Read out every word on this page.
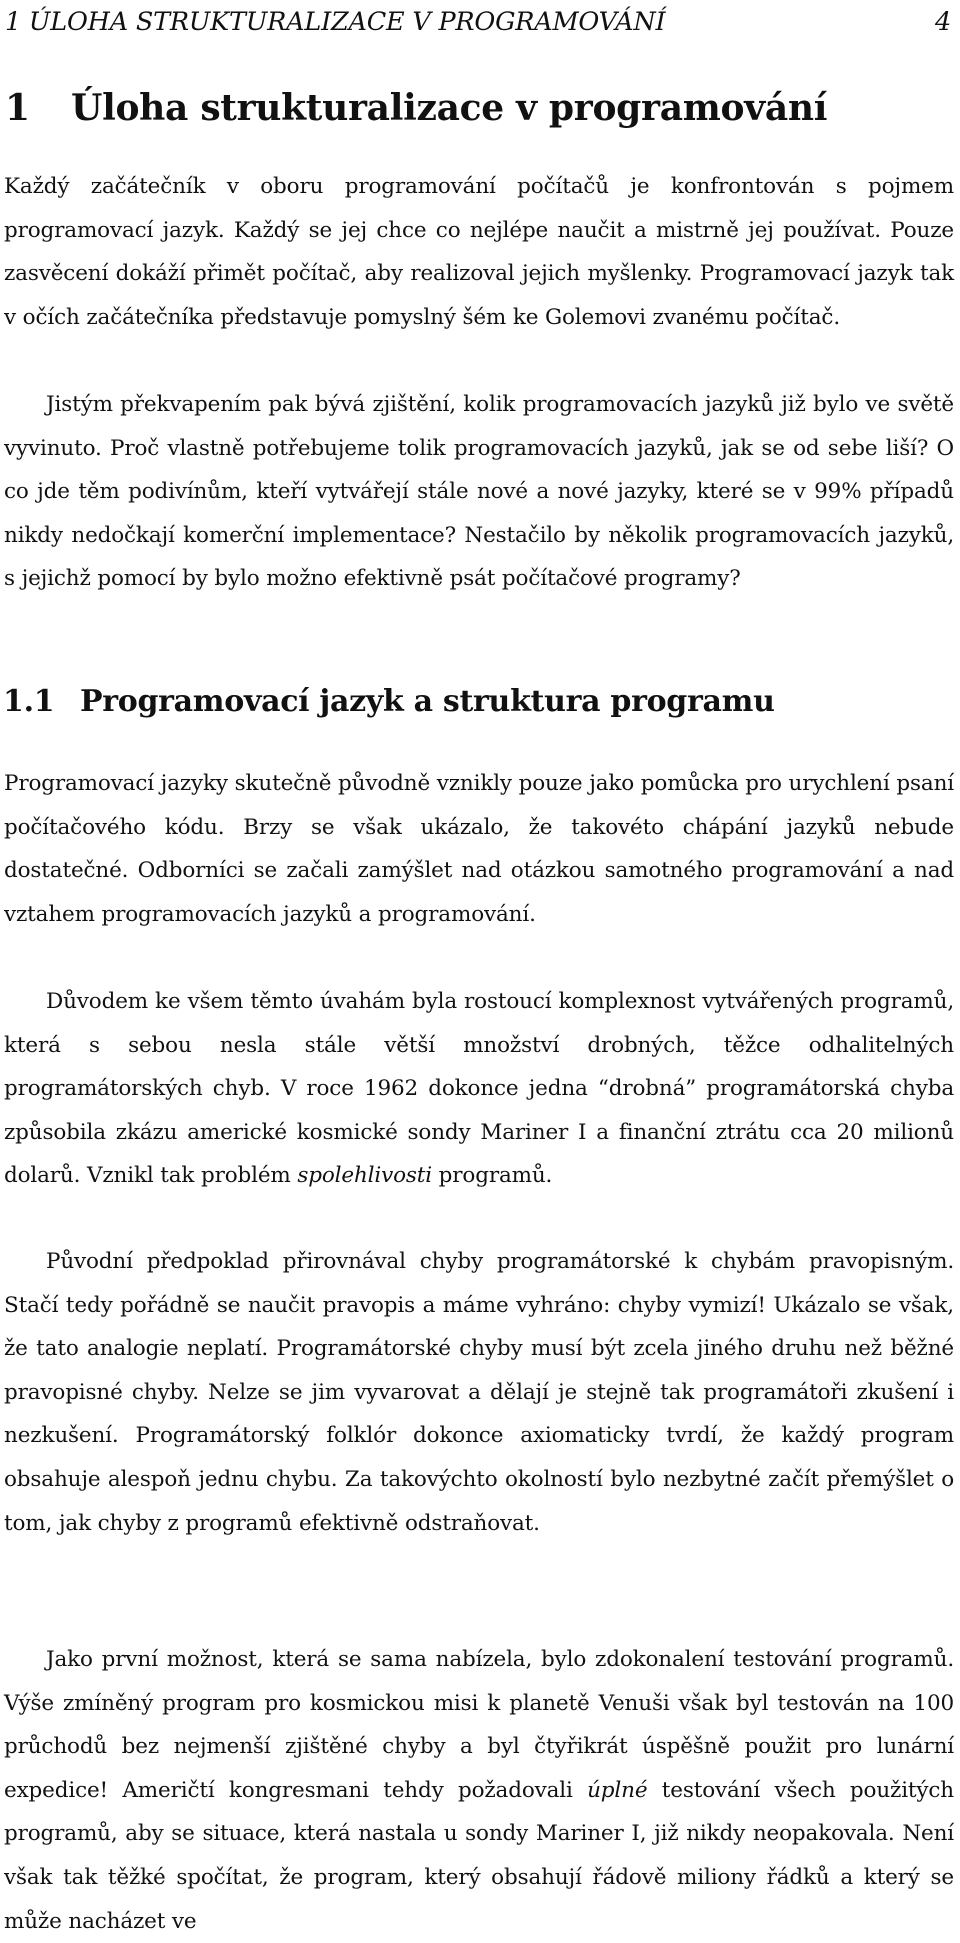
1 ÚLOHA STRUKTURALIZACE V PROGRAMOVÁNÍ	4
1 Úloha strukturalizace v programování

Každý začátečník v oboru programování počítačů je konfrontován s pojmem programovací jazyk. Každý se jej chce co nejlépe naučit a mistrně jej používat. Pouze zasvěcení dokáží přimět počítač, aby realizoval jejich myšlenky. Programovací jazyk tak v očích začátečníka představuje pomyslný šém ke Golemovi zvanému počítač.

Jistým překvapením pak bývá zjištění, kolik programovacích jazyků již bylo ve světě vyvinuto. Proč vlastně potřebujeme tolik programovacích jazyků, jak se od sebe liší? O co jde těm podivínům, kteří vytvářejí stále nové a nové jazyky, které se v 99% případů nikdy nedočkají komerční implementace? Nestačilo by několik programovacích jazyků, s jejichž pomocí by bylo možno efektivně psát počítačové programy?

1.1 Programovací jazyk a struktura programu

Programovací jazyky skutečně původně vznikly pouze jako pomůcka pro urychlení psaní počítačového kódu. Brzy se však ukázalo, že takovéto chápání jazyků nebude dostatečné. Odborníci se začali zamýšlet nad otázkou samotného programování a nad vztahem programovacích jazyků a programování.

Důvodem ke všem těmto úvahám byla rostoucí komplexnost vytvářených programů, která s sebou nesla stále větší množství drobných, těžce odhalitelných programátorských chyb. V roce 1962 dokonce jedna “drobná” programátorská chyba způsobila zkázu americké kosmické sondy Mariner I a finanční ztrátu cca 20 milionů dolarů. Vznikl tak problém spolehlivosti programů.

Původní předpoklad přirovnával chyby programátorské k chybám pravopisným. Stačí tedy pořádně se naučit pravopis a máme vyhráno: chyby vymizí! Ukázalo se však, že tato analogie neplatí. Programátorské chyby musí být zcela jiného druhu než běžné pravopisné chyby. Nelze se jim vyvarovat a dělají je stejně tak programátoři zkušení i nezkušení. Programátorský folklór dokonce axiomaticky tvrdí, že každý program obsahuje alespoň jednu chybu. Za takovýchto okolností bylo nezbytné začít přemýšlet o tom, jak chyby z programů efektivně odstraňovat.

Jako první možnost, která se sama nabízela, bylo zdokonalení testování programů. Výše zmíněný program pro kosmickou misi k planetě Venuši však byl testován na 100 průchodů bez nejmenší zjištěné chyby a byl čtyřikrát úspěšně použit pro lunární expedice! Američtí kongresmani tehdy požadovali úplné testování všech použitých programů, aby se situace, která nastala u sondy Mariner I, již nikdy neopakovala. Není však tak těžké spočítat, že program, který obsahují řádově miliony řádků a který se může nacházet ve
